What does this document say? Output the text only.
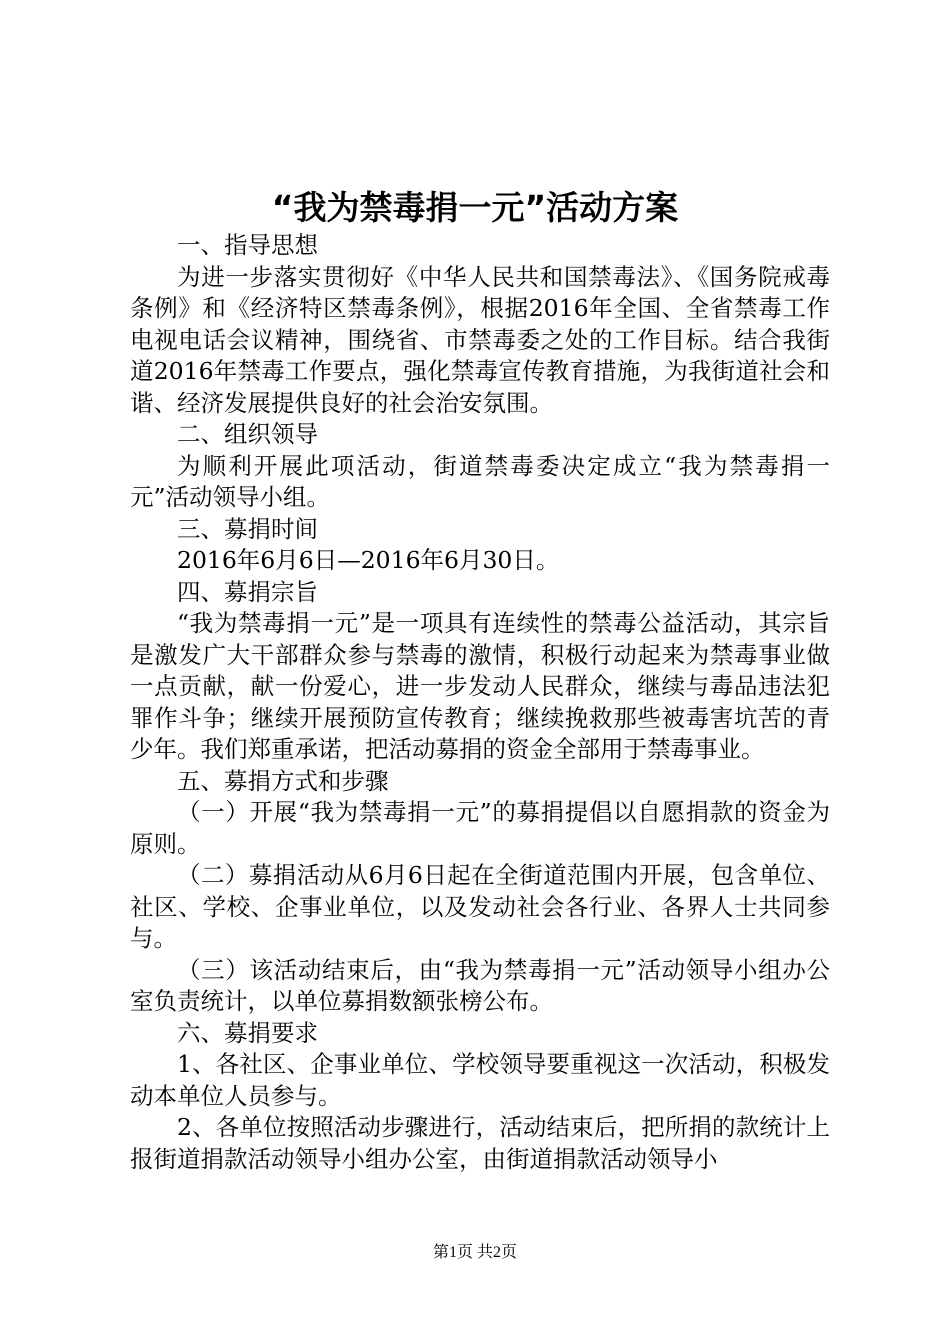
“我为禁毒捐一元”活动方案

一、指导思想

为进一步落实贯彻好《中华人民共和国禁毒法》、《国务院戒毒条例》和《经济特区禁毒条例》，根据2016年全国、全省禁毒工作电视电话会议精神，围绕省、市禁毒委之处的工作目标。结合我街道2016年禁毒工作要点，强化禁毒宣传教育措施，为我街道社会和谐、经济发展提供良好的社会治安氛围。

二、组织领导

为顺利开展此项活动，街道禁毒委决定成立“我为禁毒捐一元”活动领导小组。

三、募捐时间

2016年6月6日—2016年6月30日。

四、募捐宗旨

“我为禁毒捐一元”是一项具有连续性的禁毒公益活动，其宗旨是激发广大干部群众参与禁毒的激情，积极行动起来为禁毒事业做一点贡献，献一份爱心，进一步发动人民群众，继续与毒品违法犯罪作斗争；继续开展预防宣传教育；继续挽救那些被毒害坑苦的青少年。我们郑重承诺，把活动募捐的资金全部用于禁毒事业。

五、募捐方式和步骤

（一）开展“我为禁毒捐一元”的募捐提倡以自愿捐款的资金为原则。

（二）募捐活动从6月6日起在全街道范围内开展，包含单位、社区、学校、企事业单位，以及发动社会各行业、各界人士共同参与。

（三）该活动结束后，由“我为禁毒捐一元”活动领导小组办公室负责统计，以单位募捐数额张榜公布。

六、募捐要求

1、各社区、企事业单位、学校领导要重视这一次活动，积极发动本单位人员参与。

2、各单位按照活动步骤进行，活动结束后，把所捐的款统计上报街道捐款活动领导小组办公室，由街道捐款活动领导小

第1页 共2页
